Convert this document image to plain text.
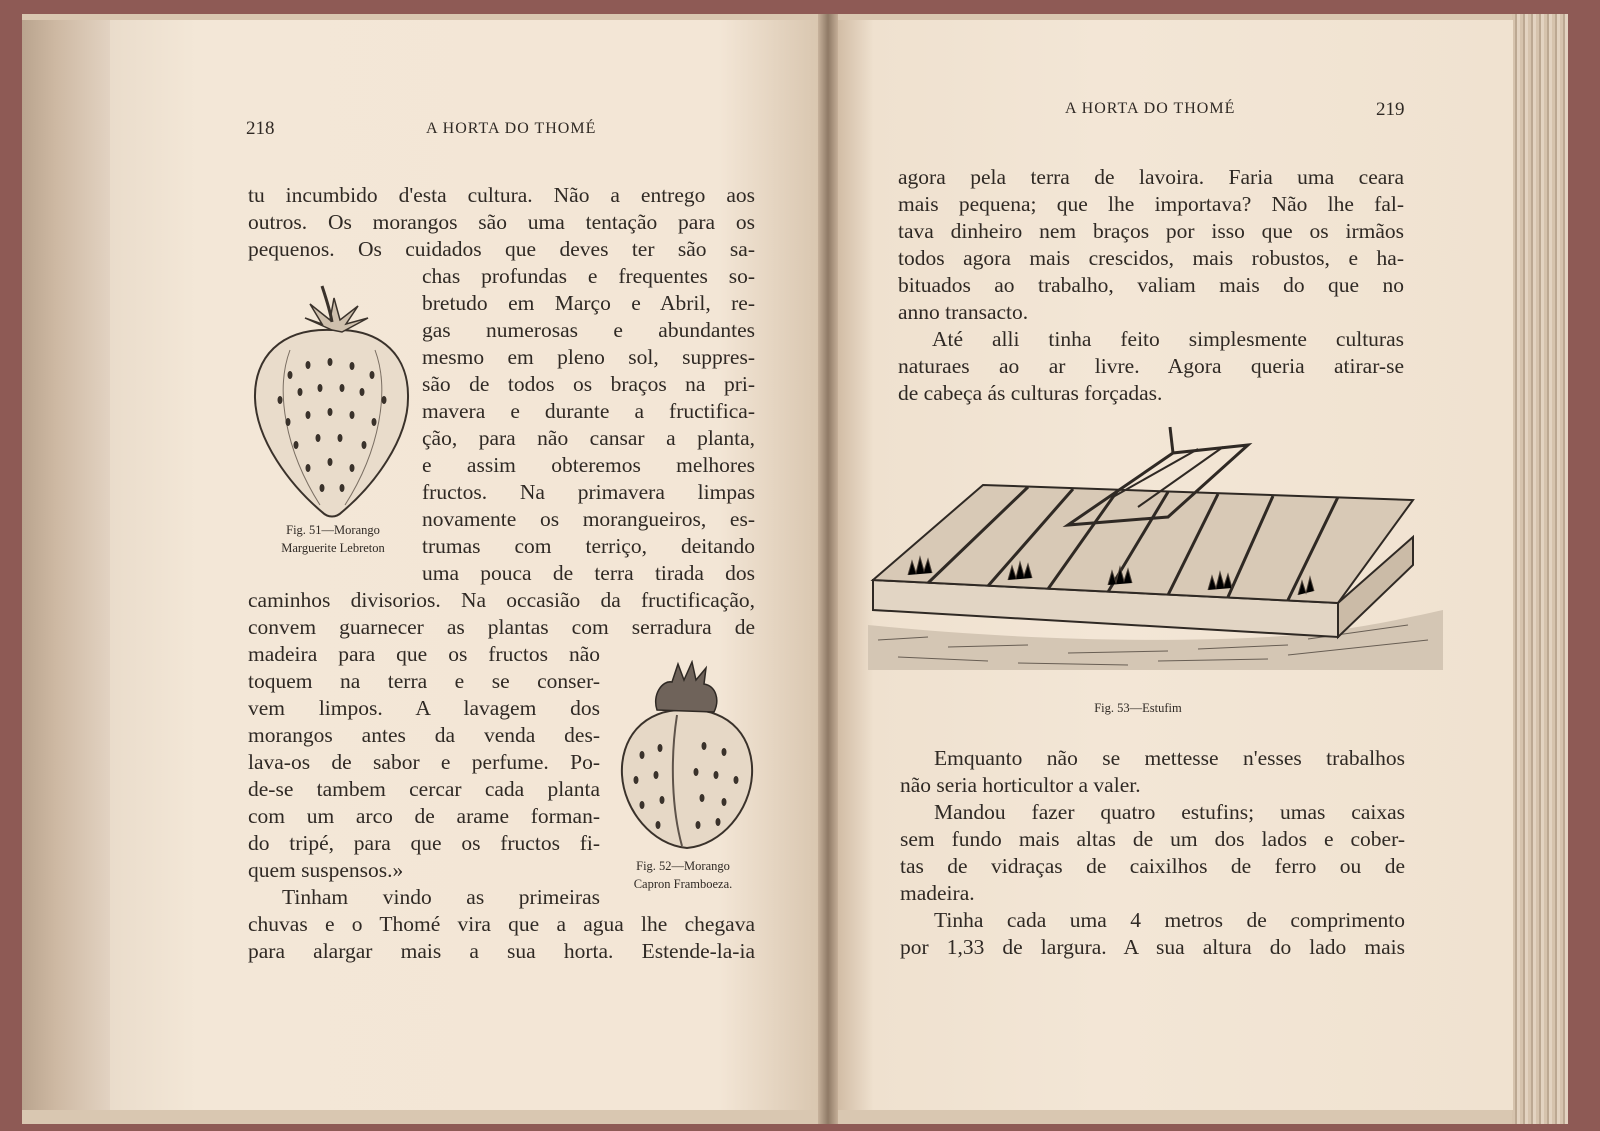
218	A HORTA DO THOMÉ
tu incumbido d'esta cultura. Não a entrego aos
outros. Os morangos são uma tentação para os
pequenos. Os cuidados que deves ter são sa-
chas profundas e frequentes so-
bretudo em Março e Abril, re-
gas numerosas e abundantes
mesmo em pleno sol, suppres-
são de todos os braços na pri-
mavera e durante a fructifica-
ção, para não cansar a planta,
e assim obteremos melhores
fructos. Na primavera limpas
novamente os morangueiros, es-
trumas com terriço, deitando
uma pouca de terra tirada dos
caminhos divisorios. Na occasião da fructificação,
convem guarnecer as plantas com serradura de
madeira para que os fructos não
toquem na terra e se conser-
vem limpos. A lavagem dos
morangos antes da venda des-
lava-os de sabor e perfume. Po-
de-se tambem cercar cada planta
com um arco de arame forman-
do tripé, para que os fructos fi-
quem suspensos.»
Tinham vindo as primeiras
chuvas e o Thomé vira que a agua lhe chegava
para alargar mais a sua horta. Estende-la-ia
Fig. 51—Morango
Marguerite Lebreton
Fig. 52—Morango
Capron Framboeza.
A HORTA DO THOMÉ	219
agora pela terra de lavoira. Faria uma ceara
mais pequena; que lhe importava? Não lhe fal-
tava dinheiro nem braços por isso que os irmãos
todos agora mais crescidos, mais robustos, e ha-
bituados ao trabalho, valiam mais do que no
anno transacto.
Até alli tinha feito simplesmente culturas
naturaes ao ar livre. Agora queria atirar-se
de cabeça ás culturas forçadas.
Fig. 53—Estufim
Emquanto não se mettesse n'esses trabalhos
não seria horticultor a valer.
Mandou fazer quatro estufins; umas caixas
sem fundo mais altas de um dos lados e cober-
tas de vidraças de caixilhos de ferro ou de
madeira.
Tinha cada uma 4 metros de comprimento
por 1,33 de largura. A sua altura do lado mais
